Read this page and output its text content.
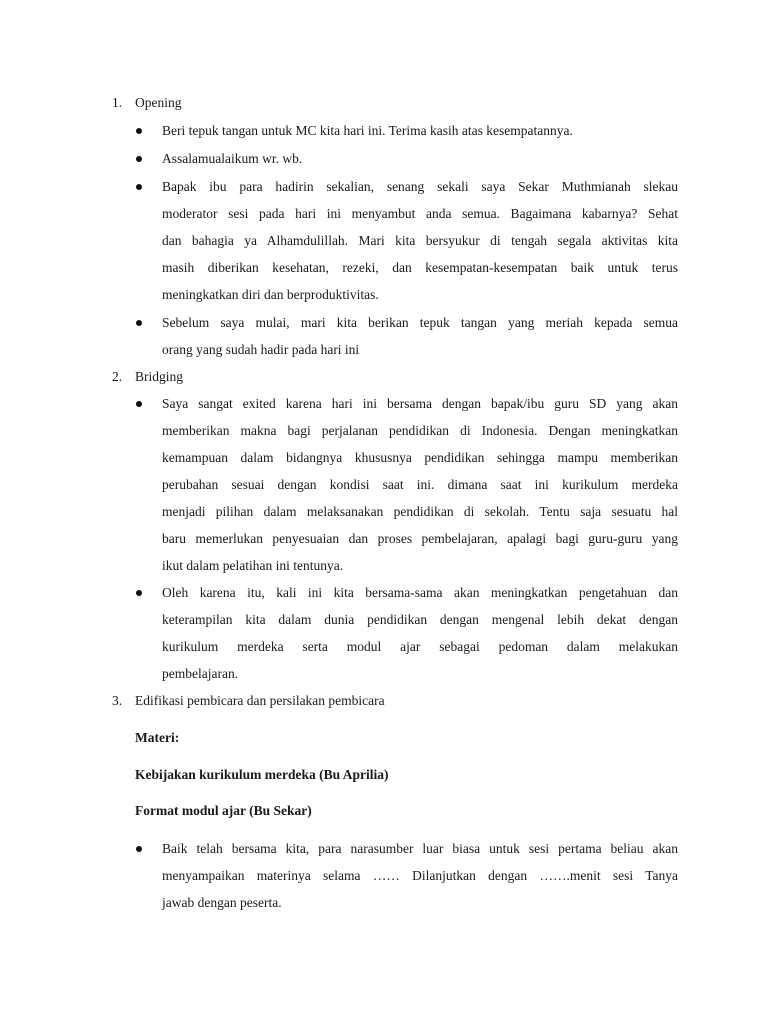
1. Opening
Beri tepuk tangan untuk MC kita hari ini. Terima kasih atas kesempatannya.
Assalamualaikum wr. wb.
Bapak ibu para hadirin sekalian, senang sekali saya Sekar Muthmianah slekau
moderator sesi pada hari ini menyambut anda semua. Bagaimana kabarnya? Sehat
dan bahagia ya Alhamdulillah. Mari kita bersyukur di tengah segala aktivitas kita
masih diberikan kesehatan, rezeki, dan kesempatan-kesempatan baik untuk terus
meningkatkan diri dan berproduktivitas.
Sebelum saya mulai, mari kita berikan tepuk tangan yang meriah kepada semua
orang yang sudah hadir pada hari ini
2. Bridging
Saya sangat exited karena hari ini bersama dengan bapak/ibu guru SD yang akan
memberikan makna bagi perjalanan pendidikan di Indonesia. Dengan meningkatkan
kemampuan dalam bidangnya khususnya pendidikan sehingga mampu memberikan
perubahan sesuai dengan kondisi saat ini. dimana saat ini kurikulum merdeka
menjadi pilihan dalam melaksanakan pendidikan di sekolah. Tentu saja sesuatu hal
baru memerlukan penyesuaian dan proses pembelajaran, apalagi bagi guru-guru yang
ikut dalam pelatihan ini tentunya.
Oleh karena itu, kali ini kita bersama-sama akan meningkatkan pengetahuan dan
keterampilan kita dalam dunia pendidikan dengan mengenal lebih dekat dengan
kurikulum merdeka serta modul ajar sebagai pedoman dalam melakukan
pembelajaran.
3. Edifikasi pembicara dan persilakan pembicara
Materi:
Kebijakan kurikulum merdeka (Bu Aprilia)
Format modul ajar (Bu Sekar)
Baik telah bersama kita, para narasumber luar biasa untuk sesi pertama beliau akan
menyampaikan materinya selama …… Dilanjutkan dengan …….menit sesi Tanya
jawab dengan peserta.
